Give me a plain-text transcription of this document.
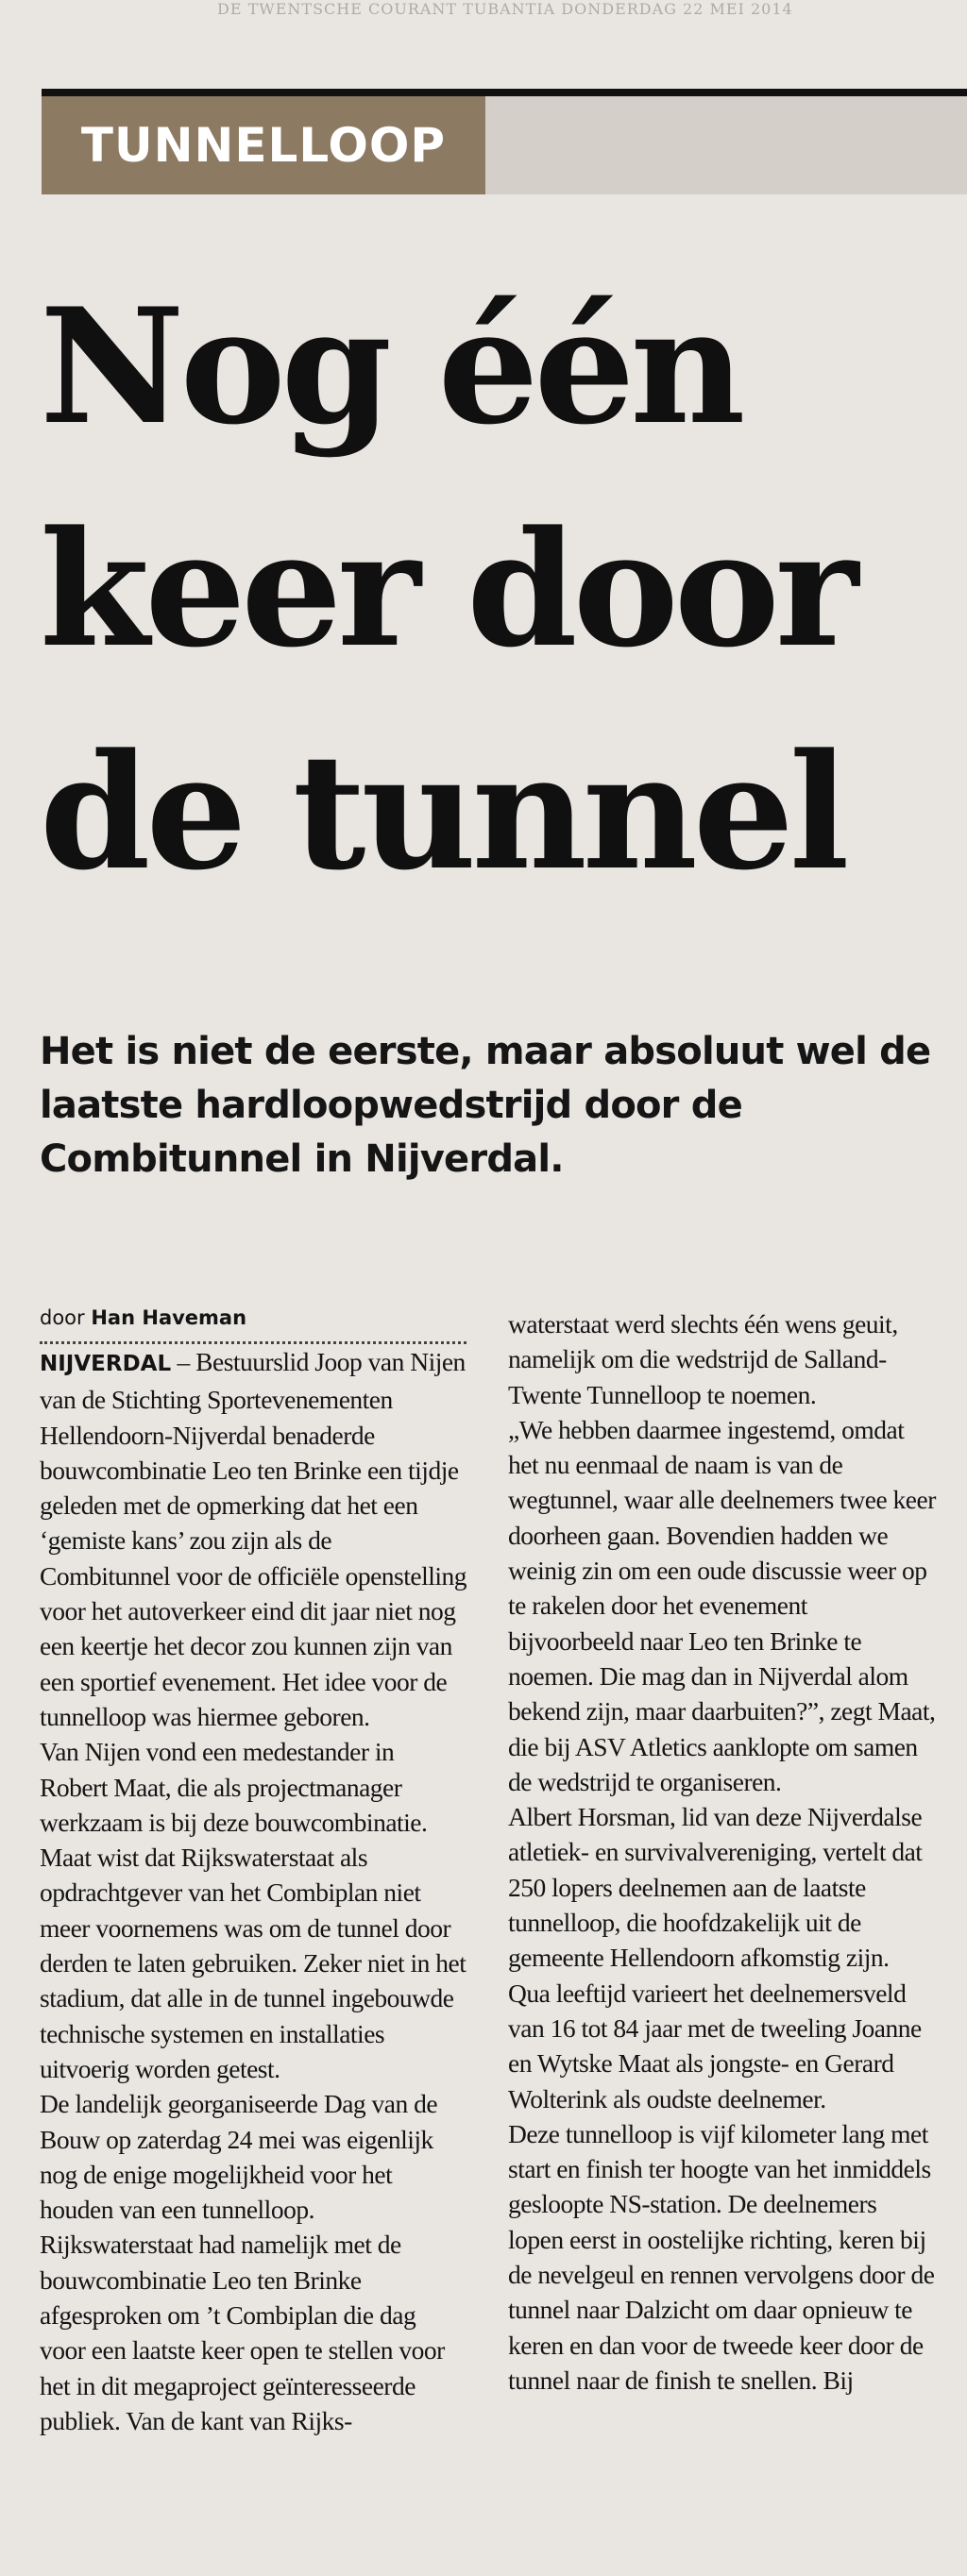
DE TWENTSCHE COURANT TUBANTIA DONDERDAG 22 MEI 2014
TUNNELLOOP
Nog één
keer door
de tunnel
Het is niet de eerste, maar absoluut wel de laatste hardloopwedstrijd door de Combitunnel in Nijverdal.
door Han Haveman

NIJVERDAL – Bestuurslid Joop van Nijen van de Stichting Sportevenementen Hellendoorn-Nijverdal benaderde bouwcombinatie Leo ten Brinke een tijdje geleden met de opmerking dat het een ‘gemiste kans’ zou zijn als de Combitunnel voor de officiële openstelling voor het autoverkeer eind dit jaar niet nog een keertje het decor zou kunnen zijn van een sportief evenement. Het idee voor de tunnelloop was hiermee geboren.

Van Nijen vond een medestander in Robert Maat, die als projectmanager werkzaam is bij deze bouwcombinatie. Maat wist dat Rijkswaterstaat als opdrachtgever van het Combiplan niet meer voornemens was om de tunnel door derden te laten gebruiken. Zeker niet in het stadium, dat alle in de tunnel ingebouwde technische systemen en installaties uitvoerig worden getest.

De landelijk georganiseerde Dag van de Bouw op zaterdag 24 mei was eigenlijk nog de enige mogelijkheid voor het houden van een tunnelloop. Rijkswaterstaat had namelijk met de bouwcombinatie Leo ten Brinke afgesproken om ’t Combiplan die dag voor een laatste keer open te stellen voor het in dit megaproject geïnteresseerde publiek. Van de kant van Rijks-

waterstaat werd slechts één wens geuit, namelijk om die wedstrijd de Salland-Twente Tunnelloop te noemen.

„We hebben daarmee ingestemd, omdat het nu eenmaal de naam is van de wegtunnel, waar alle deelnemers twee keer doorheen gaan. Bovendien hadden we weinig zin om een oude discussie weer op te rakelen door het evenement bijvoorbeeld naar Leo ten Brinke te noemen. Die mag dan in Nijverdal alom bekend zijn, maar daarbuiten?”, zegt Maat, die bij ASV Atletics aanklopte om samen de wedstrijd te organiseren.

Albert Horsman, lid van deze Nijverdalse atletiek- en survivalvereniging, vertelt dat 250 lopers deelnemen aan de laatste tunnelloop, die hoofdzakelijk uit de gemeente Hellendoorn afkomstig zijn. Qua leeftijd varieert het deelnemersveld van 16 tot 84 jaar met de tweeling Joanne en Wytske Maat als jongste- en Gerard Wolterink als oudste deelnemer.

Deze tunnelloop is vijf kilometer lang met start en finish ter hoogte van het inmiddels gesloopte NS-station. De deelnemers lopen eerst in oostelijke richting, keren bij de nevelgeul en rennen vervolgens door de tunnel naar Dalzicht om daar opnieuw te keren en dan voor de tweede keer door de tunnel naar de finish te snellen. Bij
